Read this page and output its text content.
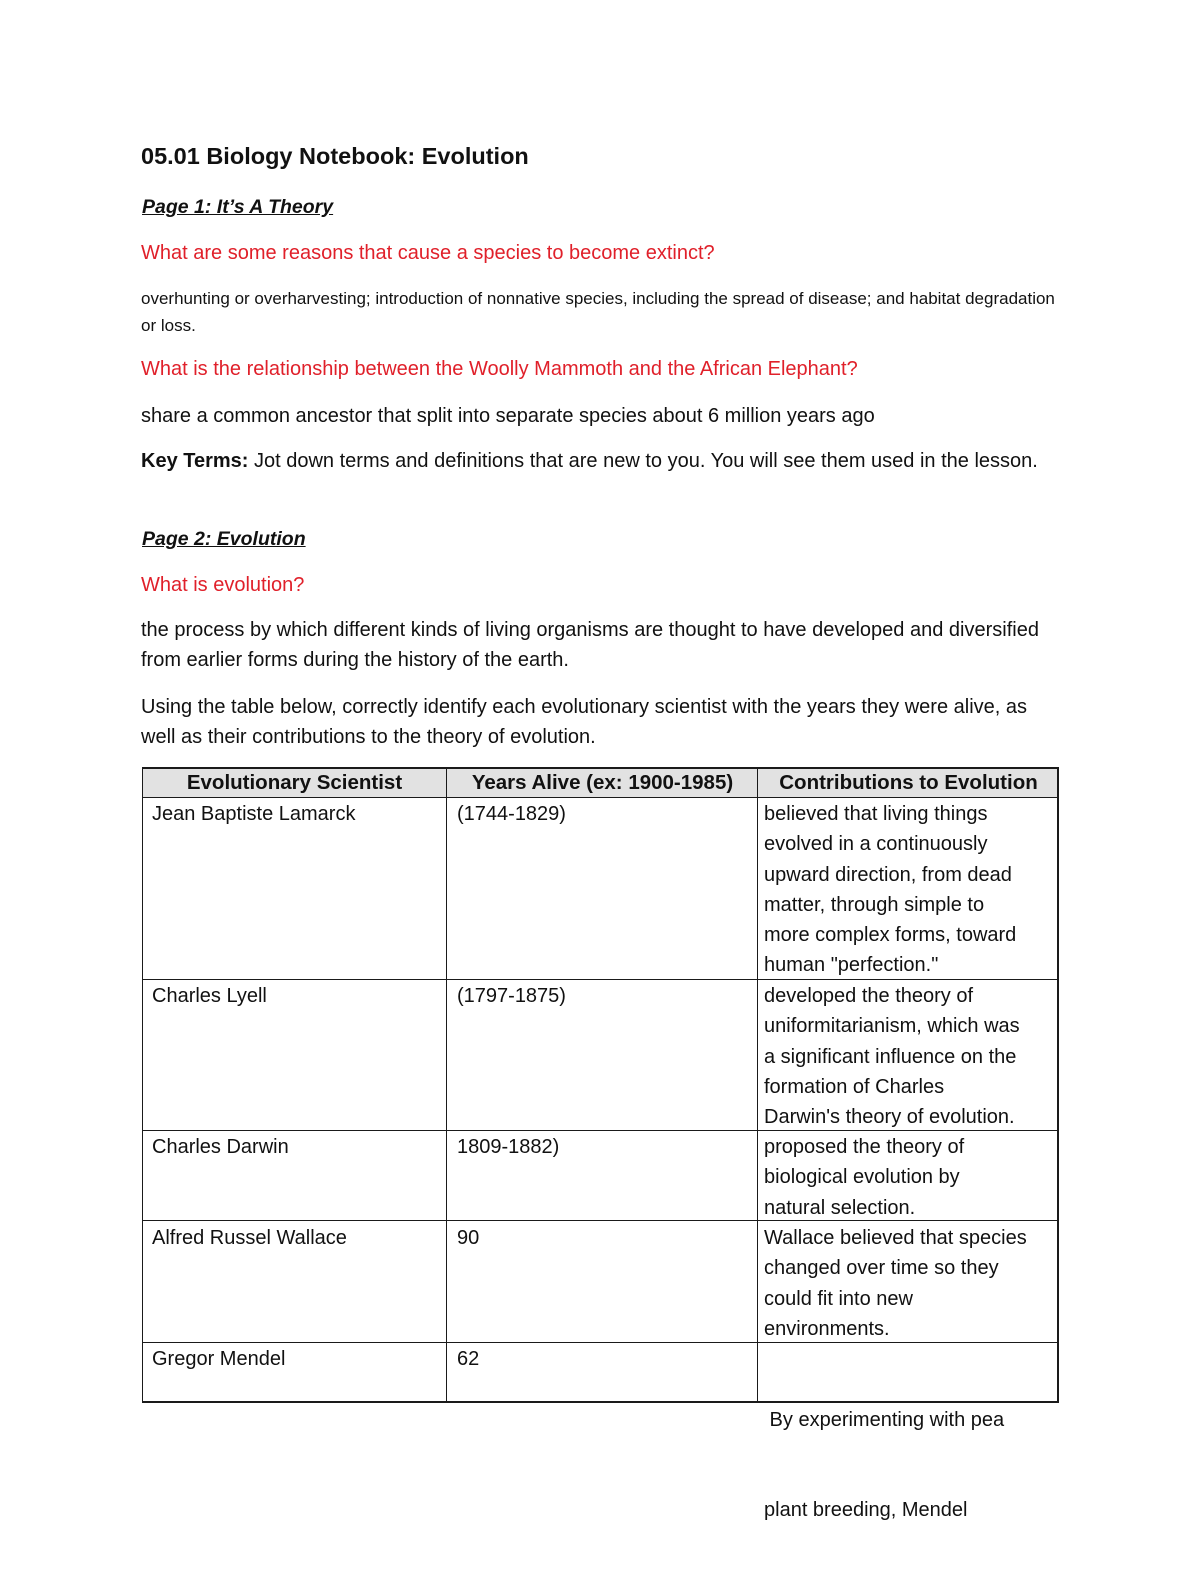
05.01 Biology Notebook: Evolution
Page 1: It’s A Theory
What are some reasons that cause a species to become extinct?
overhunting or overharvesting; introduction of nonnative species, including the spread of disease; and habitat degradation or loss.
What is the relationship between the Woolly Mammoth and the African Elephant?
share a common ancestor that split into separate species about 6 million years ago
Key Terms: Jot down terms and definitions that are new to you. You will see them used in the lesson.
Page 2: Evolution
What is evolution?
the process by which different kinds of living organisms are thought to have developed and diversified from earlier forms during the history of the earth.
Using the table below, correctly identify each evolutionary scientist with the years they were alive, as well as their contributions to the theory of evolution.
Evolutionary Scientist	Years Alive (ex: 1900-1985)	Contributions to Evolution
Jean Baptiste Lamarck	(1744-1829)	believed that living things
evolved in a continuously
upward direction, from dead
matter, through simple to
more complex forms, toward
human "perfection."
Charles Lyell	(1797-1875)	developed the theory of
uniformitarianism, which was
a significant influence on the
formation of Charles
Darwin's theory of evolution.
Charles Darwin	1809-1882)	proposed the theory of
biological evolution by
natural selection.
Alfred Russel Wallace	90	Wallace believed that species
changed over time so they
could fit into new
environments.
Gregor Mendel	62

By experimenting with pea

plant breeding, Mendel
